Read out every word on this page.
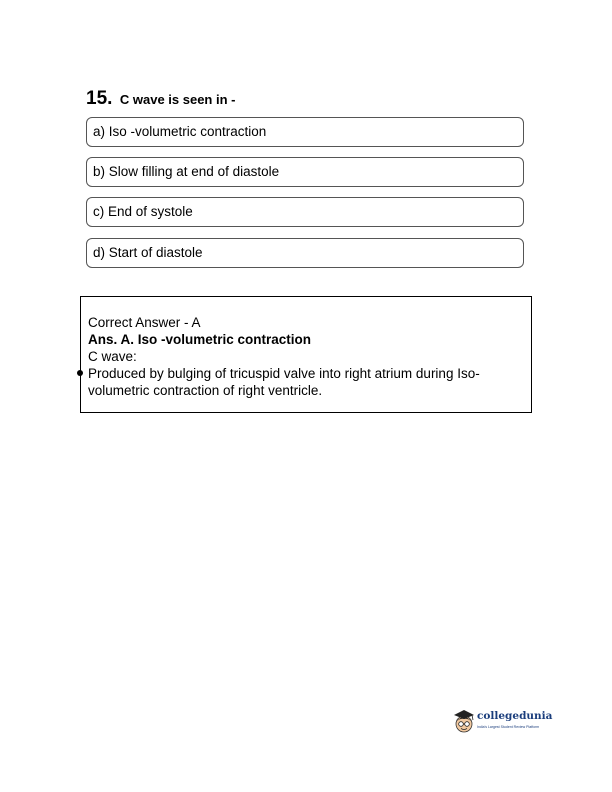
15. C wave is seen in -
a) Iso -volumetric contraction
b) Slow filling at end of diastole
c) End of systole
d) Start of diastole
Correct Answer - A
Ans. A. Iso -volumetric contraction
C wave:
Produced by bulging of tricuspid valve into right atrium during Iso-
volumetric contraction of right ventricle.
collegedunia
India's Largest Student Review Platform
